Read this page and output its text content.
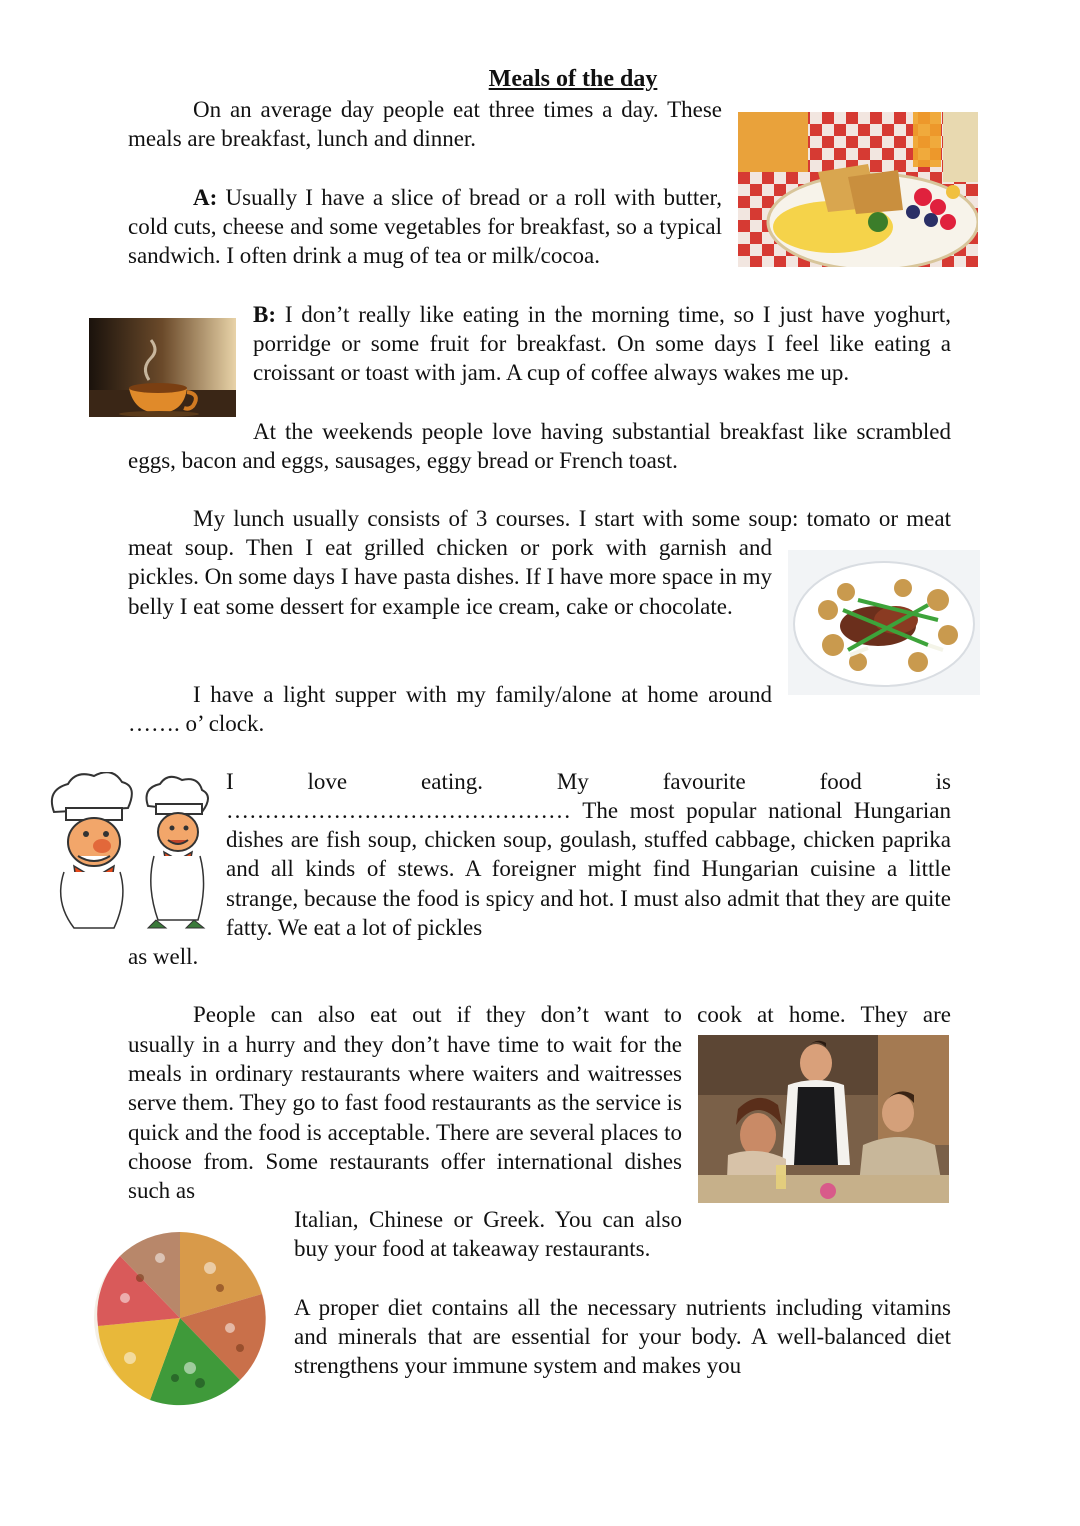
Meals of the day

On an average day people eat three times a day. These meals are breakfast, lunch and dinner.

A: Usually I have a slice of bread or a roll with butter, cold cuts, cheese and some vegetables for breakfast, so a typical sandwich. I often drink a mug of tea or milk/cocoa.

B: I don’t really like eating in the morning time, so I just have yoghurt, porridge or some fruit for breakfast. On some days I feel like eating a croissant or toast with jam. A cup of coffee always wakes me up.

At the weekends people love having substantial breakfast like scrambled eggs, bacon and eggs, sausages, eggy bread or French toast.

My lunch usually consists of 3 courses. I start with some soup: tomato or meat

meat soup. Then I eat grilled chicken or pork with garnish and pickles. On some days I have pasta dishes. If I have more space in my belly I eat some dessert for example ice cream, cake or chocolate.

I have a light supper with my family/alone at home around ……. o’ clock.

I	love	eating.	My	favourite	food	is

……………………………………… The most popular national Hungarian dishes are fish soup, chicken soup, goulash, stuffed cabbage, chicken paprika and all kinds of stews. A foreigner might find Hungarian cuisine a little strange, because the food is spicy and hot. I must also admit that they are quite fatty. We eat a lot of pickles

as well.

People can also eat out if they don’t want to cook at home. They are

usually in a hurry and they don’t have time to wait for the meals in ordinary restaurants where waiters and waitresses serve them. They go to fast food restaurants as the service is quick and the food is acceptable. There are several places to choose from. Some restaurants offer international dishes such as

Italian, Chinese or Greek. You can also buy your food at takeaway restaurants.

A proper diet contains all the necessary nutrients including vitamins and minerals that are essential for your body. A well-balanced diet strengthens your immune system and makes you
